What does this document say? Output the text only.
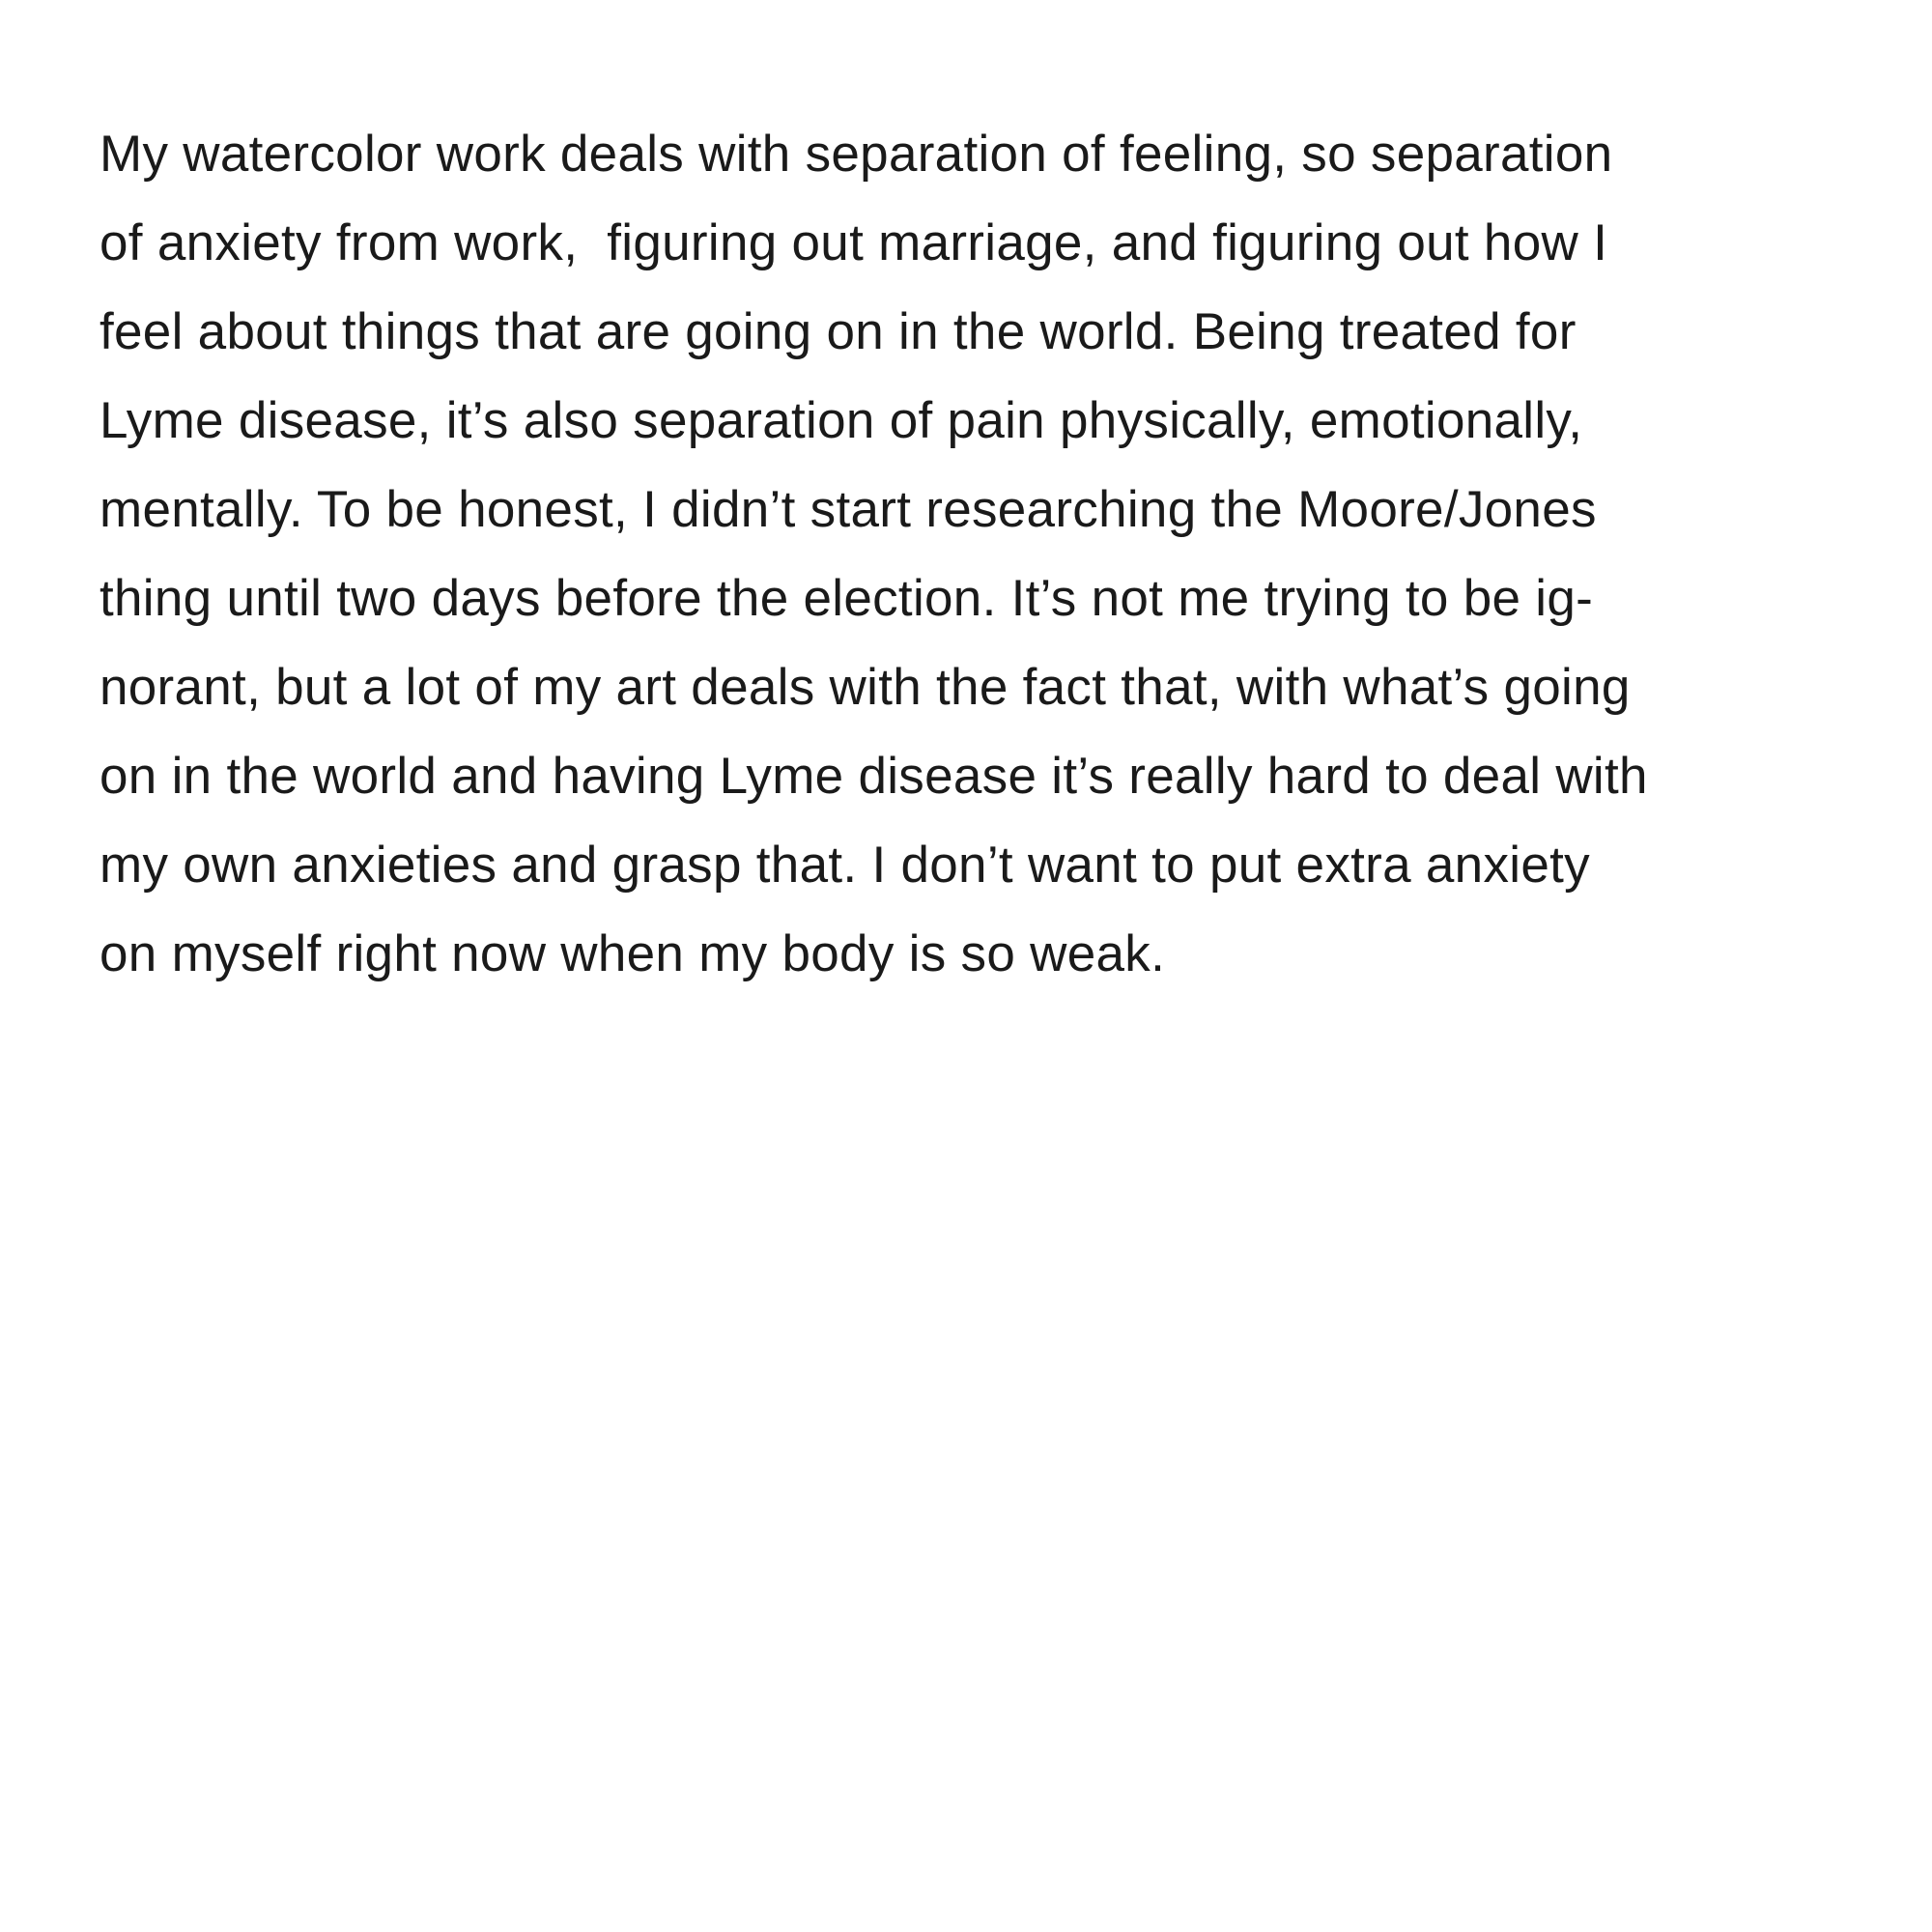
My watercolor work deals with separation of feeling, so separation
of anxiety from work,  figuring out marriage, and figuring out how I
feel about things that are going on in the world. Being treated for
Lyme disease, it’s also separation of pain physically, emotionally,
mentally. To be honest, I didn’t start researching the Moore/Jones
thing until two days before the election. It’s not me trying to be ig-
norant, but a lot of my art deals with the fact that, with what’s going
on in the world and having Lyme disease it’s really hard to deal with
my own anxieties and grasp that. I don’t want to put extra anxiety
on myself right now when my body is so weak.
